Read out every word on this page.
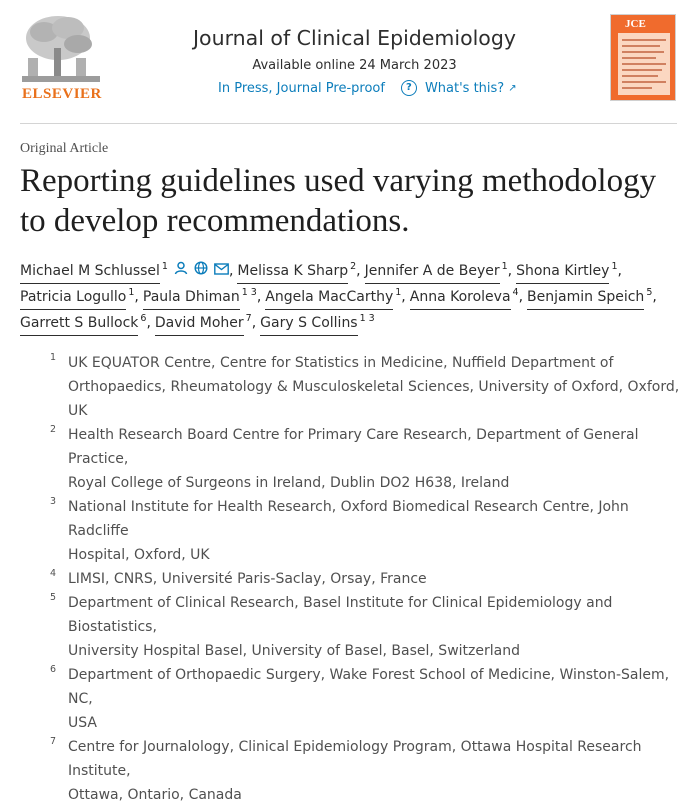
ELSEVIER
Journal of Clinical Epidemiology
Available online 24 March 2023
In Press, Journal Pre-proof	?	What's this? ↗
JCE
Original Article
Reporting guidelines used varying methodology to develop recommendations.
Michael M Schlussel 1	, Melissa K Sharp 2 , Jennifer A de Beyer 1 , Shona Kirtley 1 ,
Patricia Logullo 1 , Paula Dhiman 1 3 , Angela MacCarthy 1 , Anna Koroleva 4 , Benjamin Speich 5 ,
Garrett S Bullock 6 , David Moher 7 , Gary S Collins 1 3
1 UK EQUATOR Centre, Centre for Statistics in Medicine, Nuffield Department of
Orthopaedics, Rheumatology & Musculoskeletal Sciences, University of Oxford, Oxford, UK
2 Health Research Board Centre for Primary Care Research, Department of General Practice,
Royal College of Surgeons in Ireland, Dublin DO2 H638, Ireland
3 National Institute for Health Research, Oxford Biomedical Research Centre, John Radcliffe
Hospital, Oxford, UK
4 LIMSI, CNRS, Université Paris-Saclay, Orsay, France
5 Department of Clinical Research, Basel Institute for Clinical Epidemiology and Biostatistics,
University Hospital Basel, University of Basel, Basel, Switzerland
6 Department of Orthopaedic Surgery, Wake Forest School of Medicine, Winston-Salem, NC,
USA
7 Centre for Journalology, Clinical Epidemiology Program, Ottawa Hospital Research Institute,
Ottawa, Ontario, Canada
